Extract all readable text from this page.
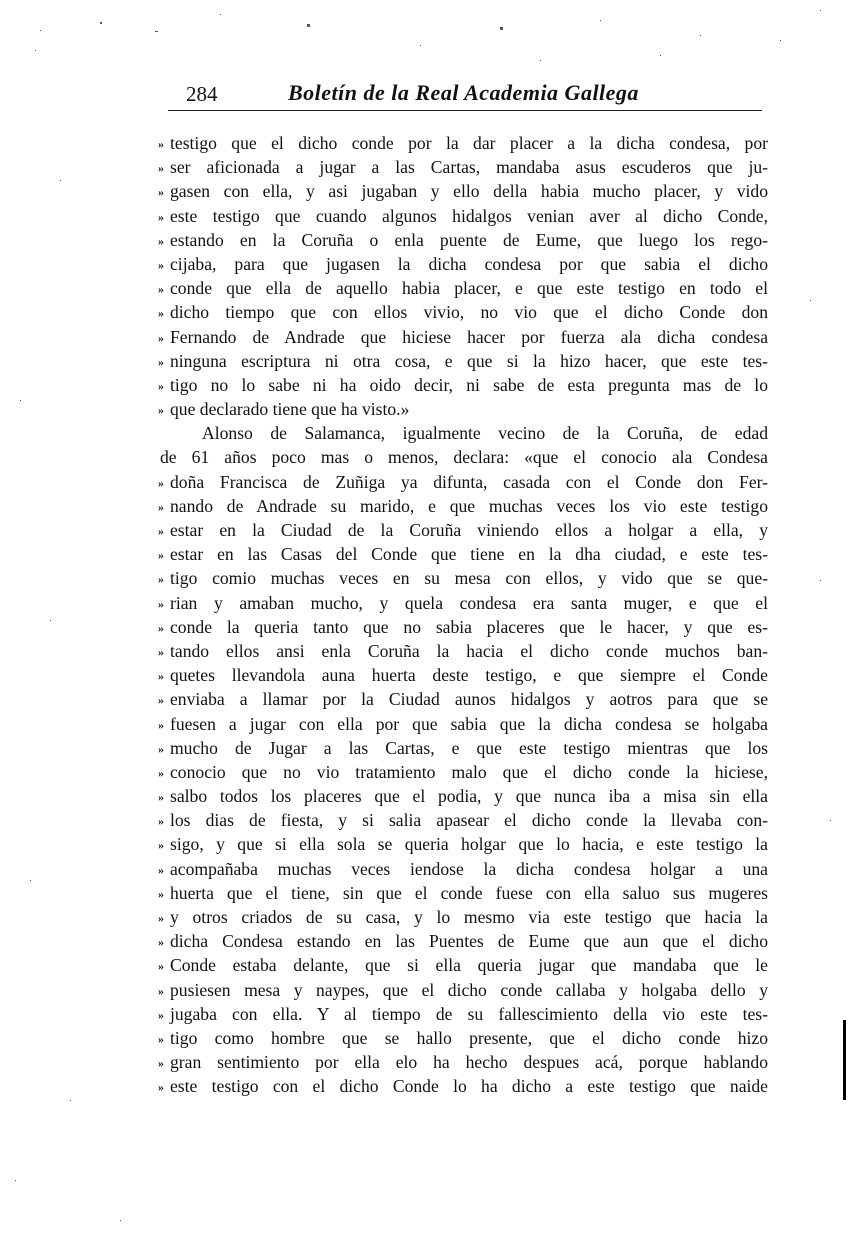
284	Boletín de la Real Academia Gallega
» testigo que el dicho conde por la dar placer a la dicha condesa, por
» ser aficionada a jugar a las Cartas, mandaba asus escuderos que ju-
» gasen con ella, y asi jugaban y ello della habia mucho placer, y vido
» este testigo que cuando algunos hidalgos venian aver al dicho Conde,
» estando en la Coruña o enla puente de Eume, que luego los rego-
» cijaba, para que jugasen la dicha condesa por que sabia el dicho
» conde que ella de aquello habia placer, e que este testigo en todo el
» dicho tiempo que con ellos vivio, no vio que el dicho Conde don
» Fernando de Andrade que hiciese hacer por fuerza ala dicha condesa
» ninguna escriptura ni otra cosa, e que si la hizo hacer, que este tes-
» tigo no lo sabe ni ha oido decir, ni sabe de esta pregunta mas de lo
» que declarado tiene que ha visto.»
Alonso de Salamanca, igualmente vecino de la Coruña, de edad
de 61 años poco mas o menos, declara: «que el conocio ala Condesa
» doña Francisca de Zuñiga ya difunta, casada con el Conde don Fer-
» nando de Andrade su marido, e que muchas veces los vio este testigo
» estar en la Ciudad de la Coruña viniendo ellos a holgar a ella, y
» estar en las Casas del Conde que tiene en la dha ciudad, e este tes-
» tigo comio muchas veces en su mesa con ellos, y vido que se que-
» rian y amaban mucho, y quela condesa era santa muger, e que el
» conde la queria tanto que no sabia placeres que le hacer, y que es-
» tando ellos ansi enla Coruña la hacia el dicho conde muchos ban-
» quetes llevandola auna huerta deste testigo, e que siempre el Conde
» enviaba a llamar por la Ciudad aunos hidalgos y aotros para que se
» fuesen a jugar con ella por que sabia que la dicha condesa se holgaba
» mucho de Jugar a las Cartas, e que este testigo mientras que los
» conocio que no vio tratamiento malo que el dicho conde la hiciese,
» salbo todos los placeres que el podia, y que nunca iba a misa sin ella
» los dias de fiesta, y si salia apasear el dicho conde la llevaba con-
» sigo, y que si ella sola se queria holgar que lo hacia, e este testigo la
» acompañaba muchas veces iendose la dicha condesa holgar a una
» huerta que el tiene, sin que el conde fuese con ella saluo sus mugeres
» y otros criados de su casa, y lo mesmo via este testigo que hacia la
» dicha Condesa estando en las Puentes de Eume que aun que el dicho
» Conde estaba delante, que si ella queria jugar que mandaba que le
» pusiesen mesa y naypes, que el dicho conde callaba y holgaba dello y
» jugaba con ella. Y al tiempo de su fallescimiento della vio este tes-
» tigo como hombre que se hallo presente, que el dicho conde hizo
» gran sentimiento por ella elo ha hecho despues acá, porque hablando
» este testigo con el dicho Conde lo ha dicho a este testigo que naide
